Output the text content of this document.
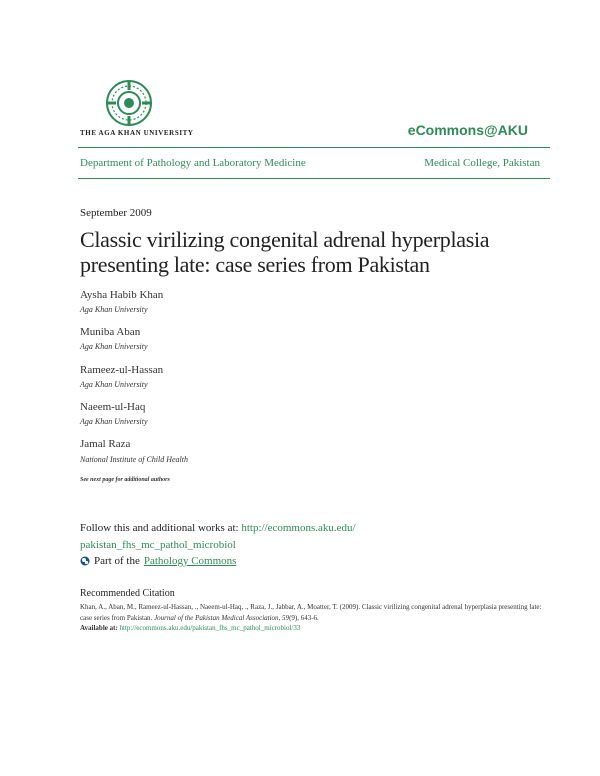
THE AGA KHAN UNIVERSITY	eCommons@AKU
Department of Pathology and Laboratory Medicine	Medical College, Pakistan
September 2009
Classic virilizing congenital adrenal hyperplasia presenting late: case series from Pakistan
Aysha Habib Khan
Aga Khan University
Muniba Aban
Aga Khan University
Rameez-ul-Hassan
Aga Khan University
Naeem-ul-Haq
Aga Khan University
Jamal Raza
National Institute of Child Health
See next page for additional authors
Follow this and additional works at: http://ecommons.aku.edu/
pakistan_fhs_mc_pathol_microbiol
Part of the Pathology Commons
Recommended Citation
Khan, A., Aban, M., Rameez-ul-Hassan, ., Naeem-ul-Haq, ., Raza, J., Jabbar, A., Moatter, T. (2009). Classic virilizing congenital adrenal hyperplasia presenting late: case series from Pakistan. Journal of the Pakistan Medical Association, 59(9), 643-6.
Available at: http://ecommons.aku.edu/pakistan_fhs_mc_pathol_microbiol/33
